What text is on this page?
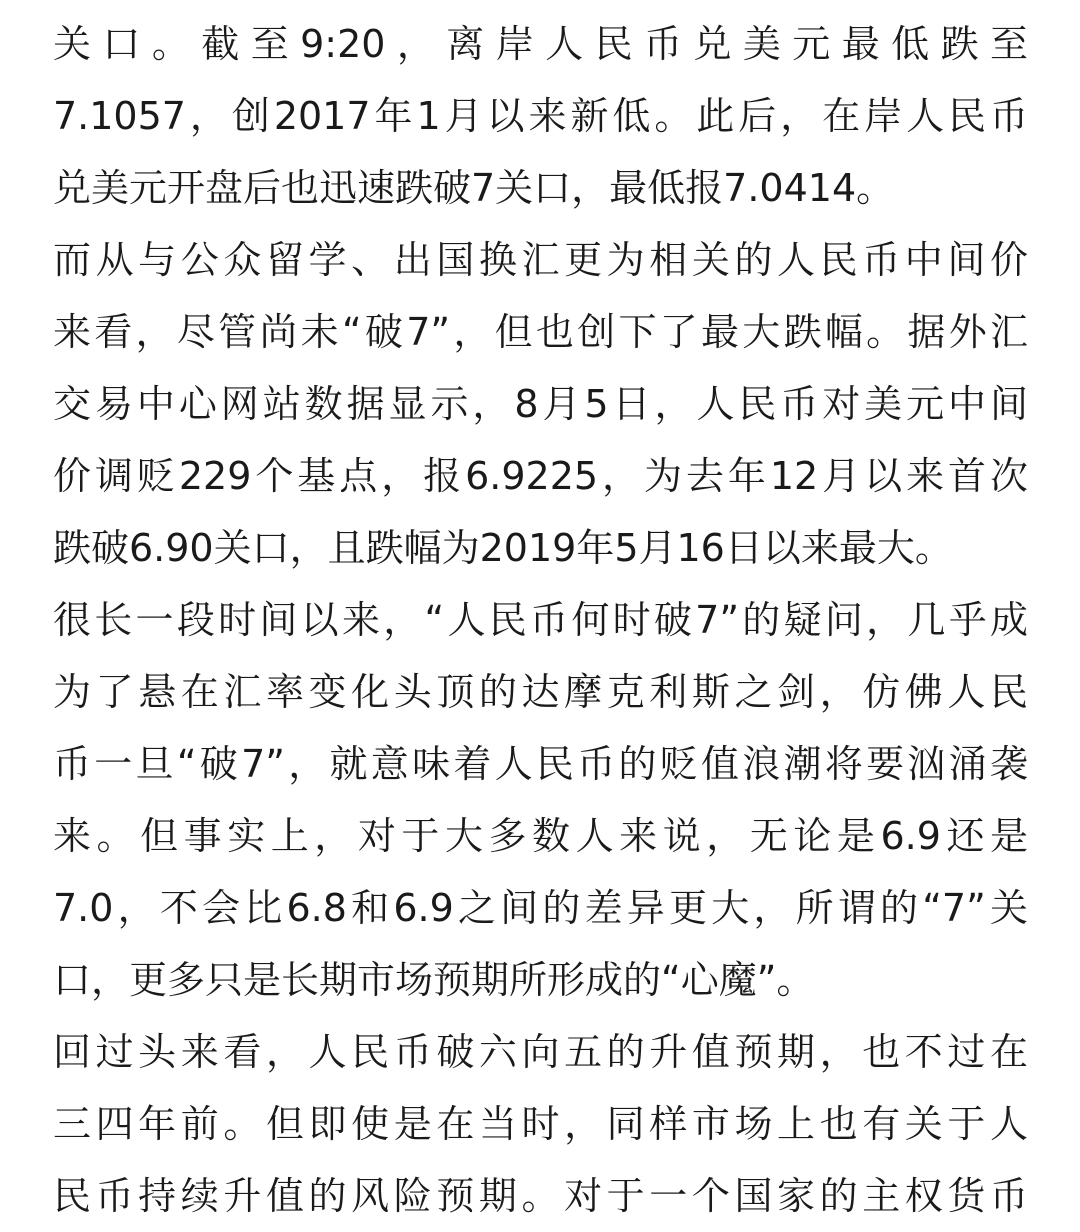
关口。截至9:20，离岸人民币兑美元最低跌至
7.1057，创2017年1月以来新低。此后，在岸人民币
兑美元开盘后也迅速跌破7关口，最低报7.0414。
而从与公众留学、出国换汇更为相关的人民币中间价
来看，尽管尚未“破7”，但也创下了最大跌幅。据外汇
交易中心网站数据显示，8月5日，人民币对美元中间
价调贬229个基点，报6.9225，为去年12月以来首次
跌破6.90关口，且跌幅为2019年5月16日以来最大。
很长一段时间以来，“人民币何时破7”的疑问，几乎成
为了悬在汇率变化头顶的达摩克利斯之剑，仿佛人民
币一旦“破7”，就意味着人民币的贬值浪潮将要汹涌袭
来。但事实上，对于大多数人来说，无论是6.9还是
7.0，不会比6.8和6.9之间的差异更大，所谓的“7”关
口，更多只是长期市场预期所形成的“心魔”。
回过头来看，人民币破六向五的升值预期，也不过在
三四年前。但即使是在当时，同样市场上也有关于人
民币持续升值的风险预期。对于一个国家的主权货币
